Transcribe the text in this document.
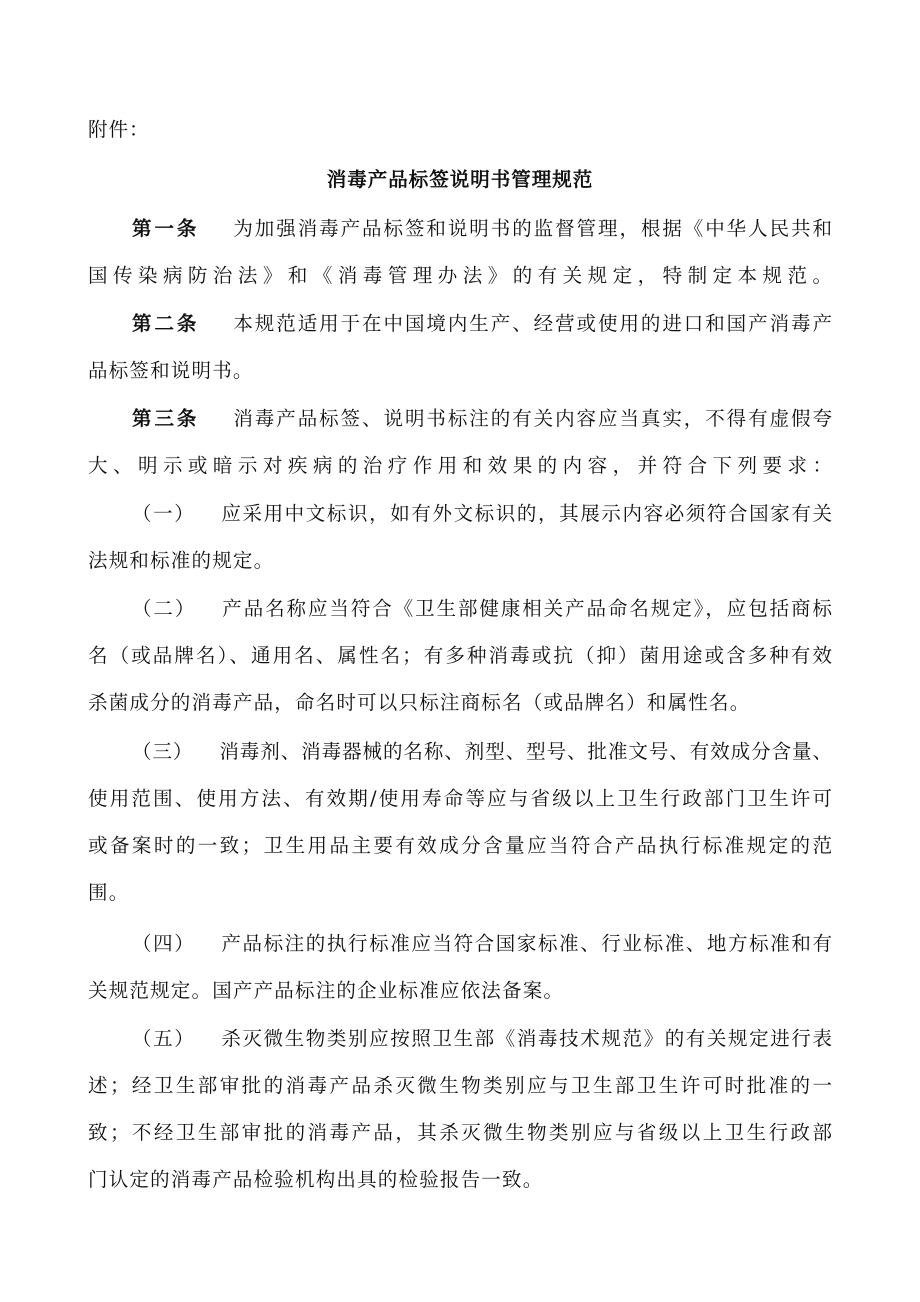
附件：
消毒产品标签说明书管理规范
第一条 为加强消毒产品标签和说明书的监督管理，根据《中华人民共和
国传染病防治法》和《消毒管理办法》的有关规定，特制定本规范。
第二条 本规范适用于在中国境内生产、经营或使用的进口和国产消毒产
品标签和说明书。
第三条 消毒产品标签、说明书标注的有关内容应当真实，不得有虚假夸
大、明示或暗示对疾病的治疗作用和效果的内容，并符合下列要求：
（一） 应采用中文标识，如有外文标识的，其展示内容必须符合国家有关
法规和标准的规定。
（二） 产品名称应当符合《卫生部健康相关产品命名规定》，应包括商标
名（或品牌名）、通用名、属性名；有多种消毒或抗（抑）菌用途或含多种有效
杀菌成分的消毒产品，命名时可以只标注商标名（或品牌名）和属性名。
（三） 消毒剂、消毒器械的名称、剂型、型号、批准文号、有效成分含量、
使用范围、使用方法、有效期/使用寿命等应与省级以上卫生行政部门卫生许可
或备案时的一致；卫生用品主要有效成分含量应当符合产品执行标准规定的范
围。
（四） 产品标注的执行标准应当符合国家标准、行业标准、地方标准和有
关规范规定。国产产品标注的企业标准应依法备案。
（五） 杀灭微生物类别应按照卫生部《消毒技术规范》的有关规定进行表
述；经卫生部审批的消毒产品杀灭微生物类别应与卫生部卫生许可时批准的一
致；不经卫生部审批的消毒产品，其杀灭微生物类别应与省级以上卫生行政部
门认定的消毒产品检验机构出具的检验报告一致。
